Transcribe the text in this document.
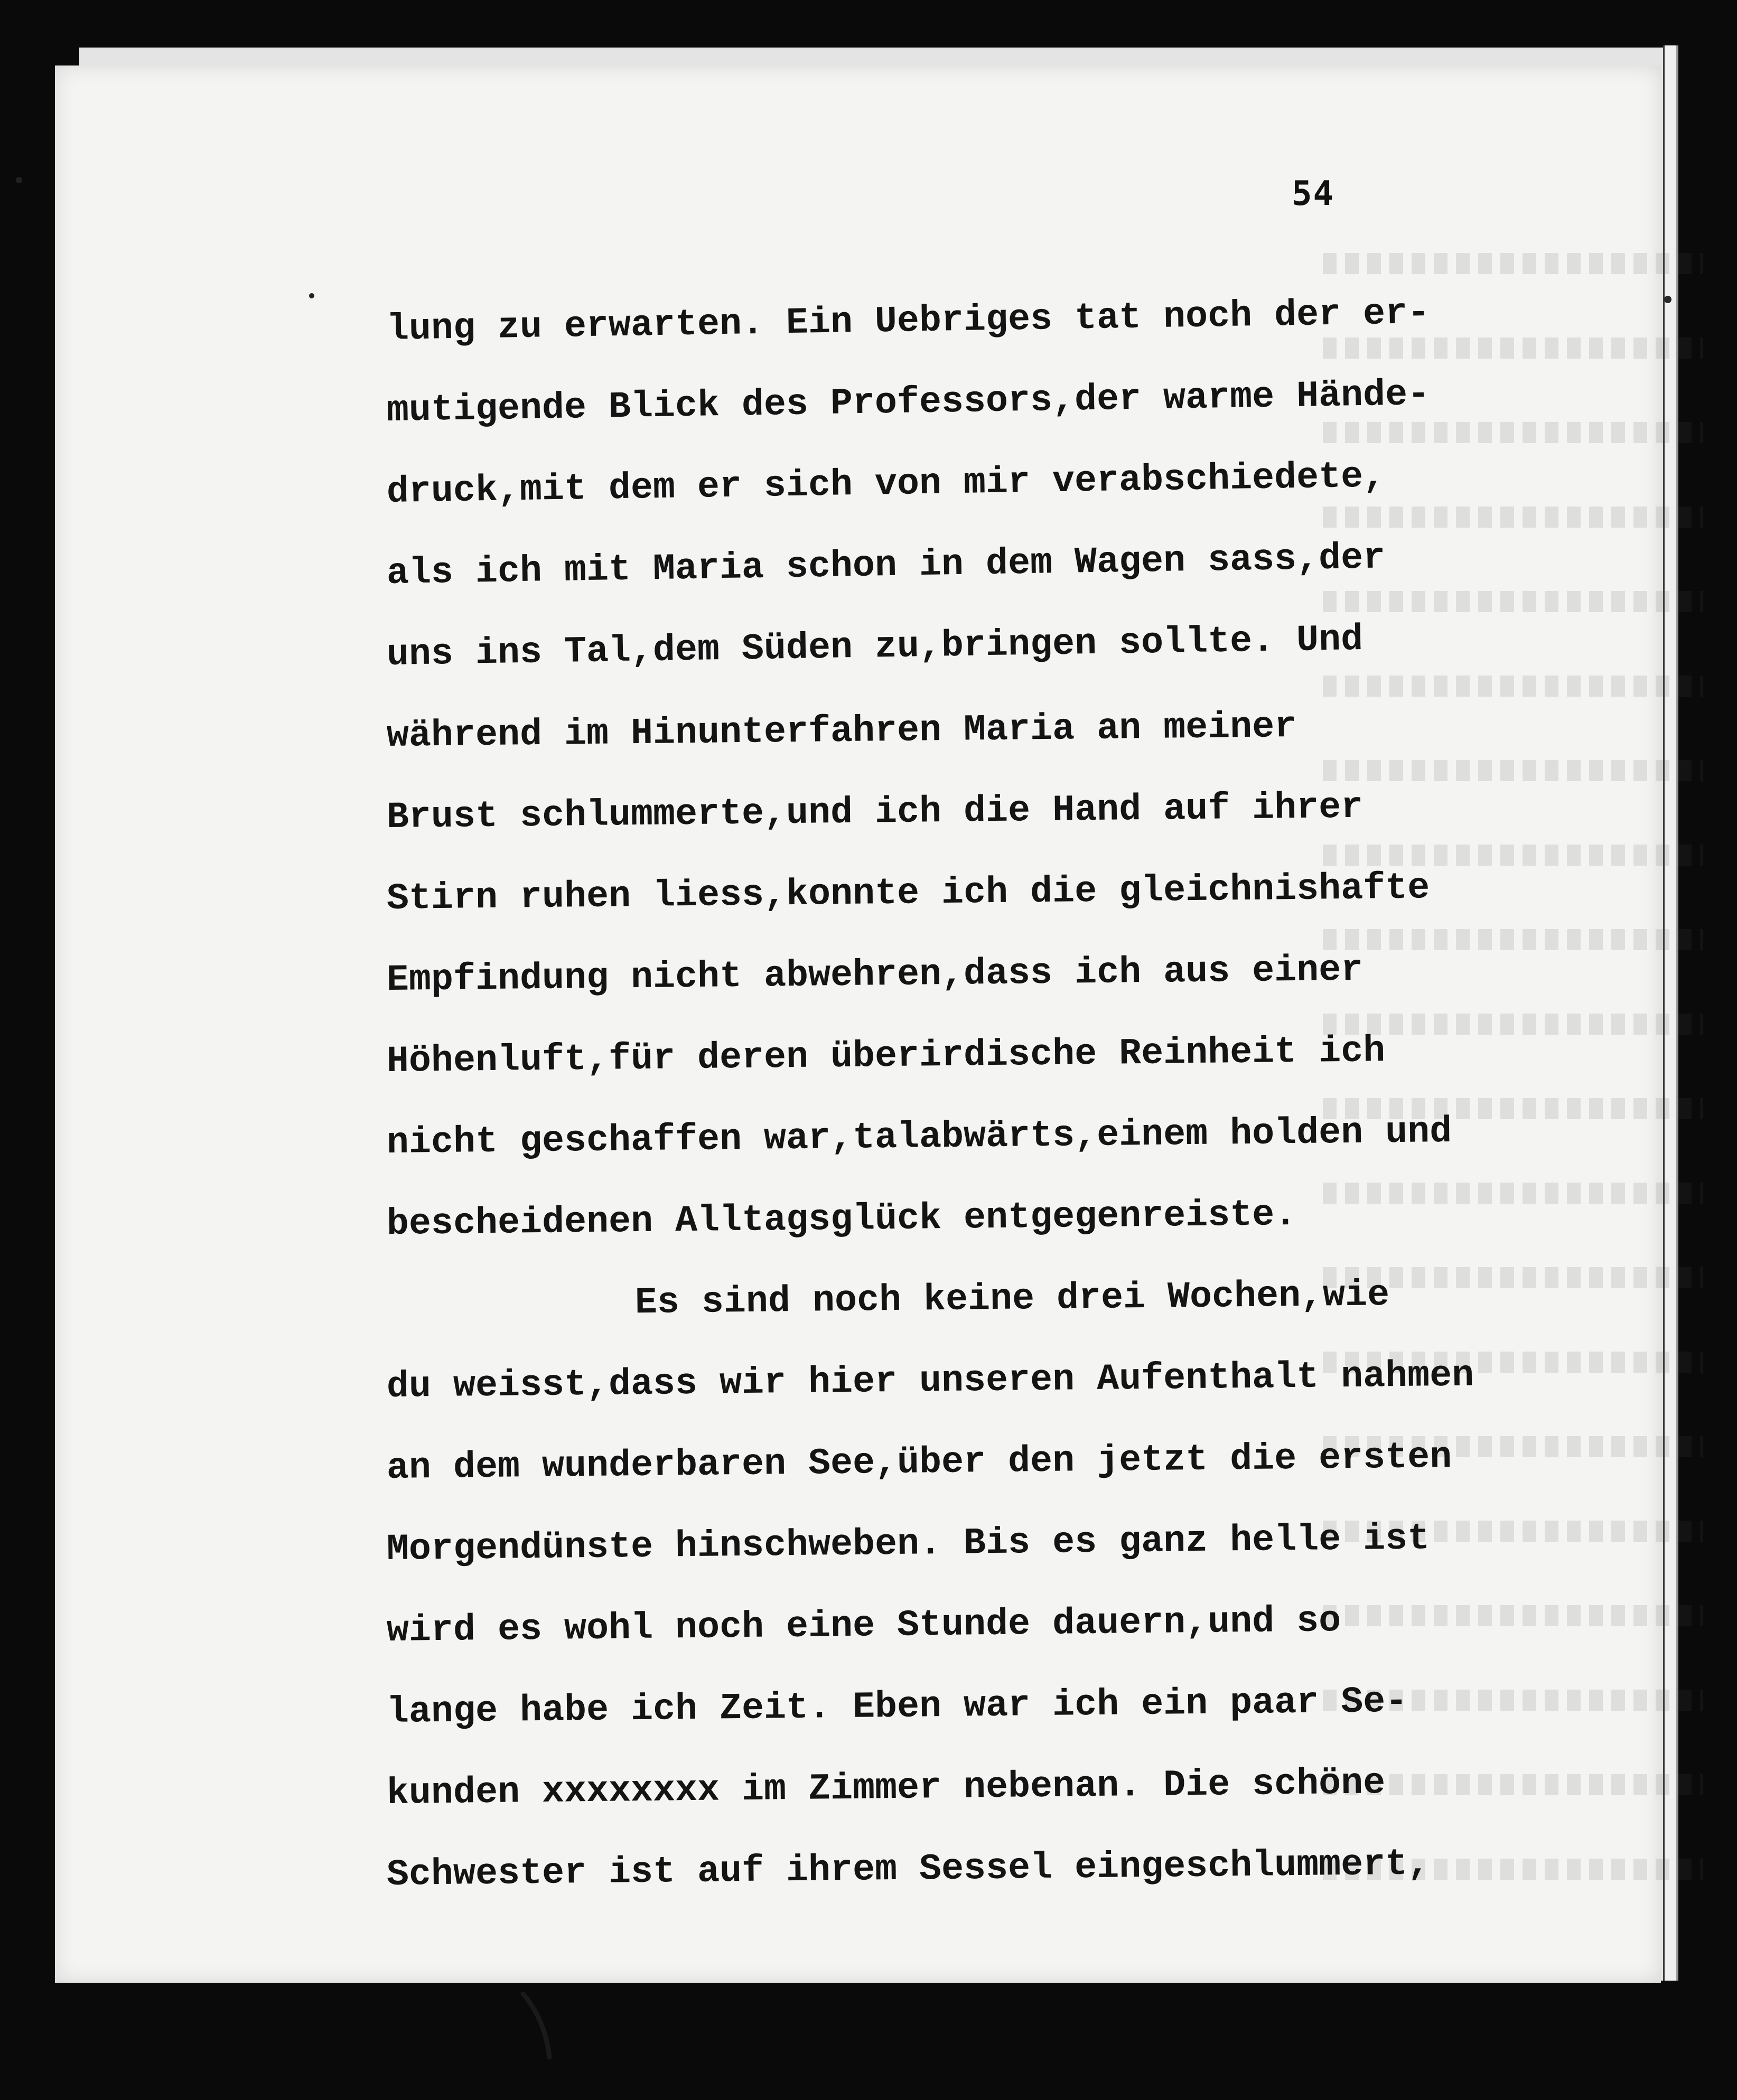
54
lung zu erwarten. Ein Uebriges tat noch der er-
mutigende Blick des Professors,der warme Hände-
druck,mit dem er sich von mir verabschiedete,
als ich mit Maria schon in dem Wagen sass,der
uns ins Tal,dem Süden zu,bringen sollte. Und
während im Hinunterfahren Maria an meiner
Brust schlummerte,und ich die Hand auf ihrer
Stirn ruhen liess,konnte ich die gleichnishafte
Empfindung nicht abwehren,dass ich aus einer
Höhenluft,für deren überirdische Reinheit ich
nicht geschaffen war,talabwärts,einem holden und
bescheidenen Alltagsglück entgegenreiste.
Es sind noch keine drei Wochen,wie
du weisst,dass wir hier unseren Aufenthalt nahmen
an dem wunderbaren See,über den jetzt die ersten
Morgendünste hinschweben. Bis es ganz helle ist
wird es wohl noch eine Stunde dauern,und so
lange habe ich Zeit. Eben war ich ein paar Se-
kunden xxxxxxxx im Zimmer nebenan. Die schöne
Schwester ist auf ihrem Sessel eingeschlummert,
